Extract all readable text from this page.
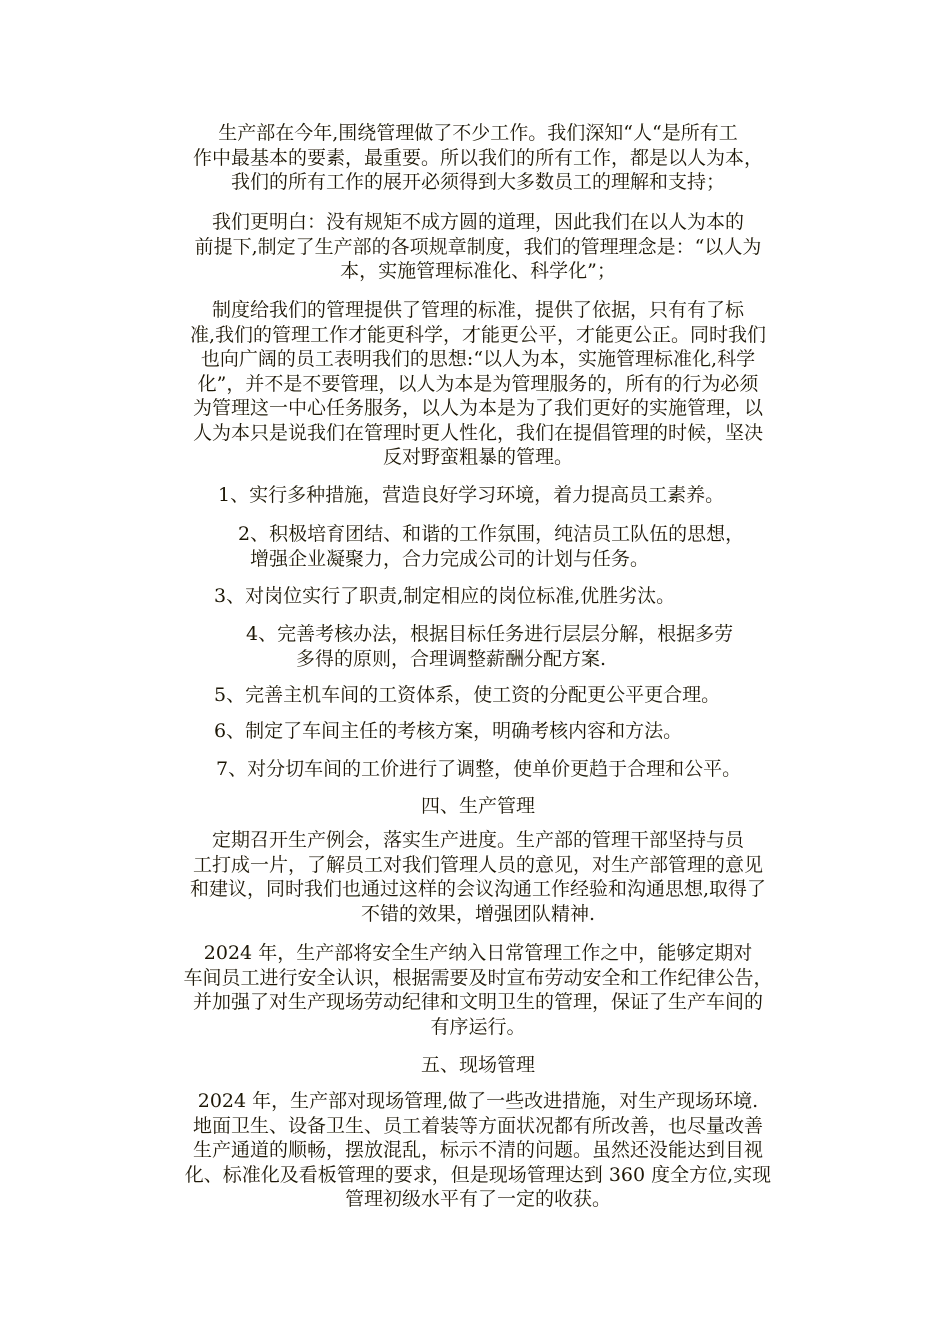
生产部在今年,围绕管理做了不少工作。我们深知“人“是所有工
作中最基本的要素，最重要。所以我们的所有工作，都是以人为本，
我们的所有工作的展开必须得到大多数员工的理解和支持；
我们更明白：没有规矩不成方圆的道理，因此我们在以人为本的
前提下,制定了生产部的各项规章制度，我们的管理理念是：“以人为
本，实施管理标准化、科学化”；
制度给我们的管理提供了管理的标准，提供了依据，只有有了标
准,我们的管理工作才能更科学，才能更公平，才能更公正。同时我们
也向广阔的员工表明我们的思想:“以人为本，实施管理标准化,科学
化”，并不是不要管理，以人为本是为管理服务的，所有的行为必须
为管理这一中心任务服务，以人为本是为了我们更好的实施管理，以
人为本只是说我们在管理时更人性化，我们在提倡管理的时候，坚决
反对野蛮粗暴的管理。
1、实行多种措施，营造良好学习环境，着力提高员工素养。
2、积极培育团结、和谐的工作氛围，纯洁员工队伍的思想，
增强企业凝聚力，合力完成公司的计划与任务。
3、对岗位实行了职责,制定相应的岗位标准,优胜劣汰。
4、完善考核办法，根据目标任务进行层层分解，根据多劳
多得的原则，合理调整薪酬分配方案.
5、完善主机车间的工资体系，使工资的分配更公平更合理。
6、制定了车间主任的考核方案，明确考核内容和方法。
7、对分切车间的工价进行了调整，使单价更趋于合理和公平。
四、生产管理
定期召开生产例会，落实生产进度。生产部的管理干部坚持与员
工打成一片，了解员工对我们管理人员的意见，对生产部管理的意见
和建议，同时我们也通过这样的会议沟通工作经验和沟通思想,取得了
不错的效果，增强团队精神.
2024 年，生产部将安全生产纳入日常管理工作之中，能够定期对
车间员工进行安全认识，根据需要及时宣布劳动安全和工作纪律公告，
并加强了对生产现场劳动纪律和文明卫生的管理，保证了生产车间的
有序运行。
五、现场管理
2024 年，生产部对现场管理,做了一些改进措施，对生产现场环境.
地面卫生、设备卫生、员工着装等方面状况都有所改善，也尽量改善
生产通道的顺畅，摆放混乱，标示不清的问题。虽然还没能达到目视
化、标准化及看板管理的要求，但是现场管理达到 360 度全方位,实现
管理初级水平有了一定的收获。
